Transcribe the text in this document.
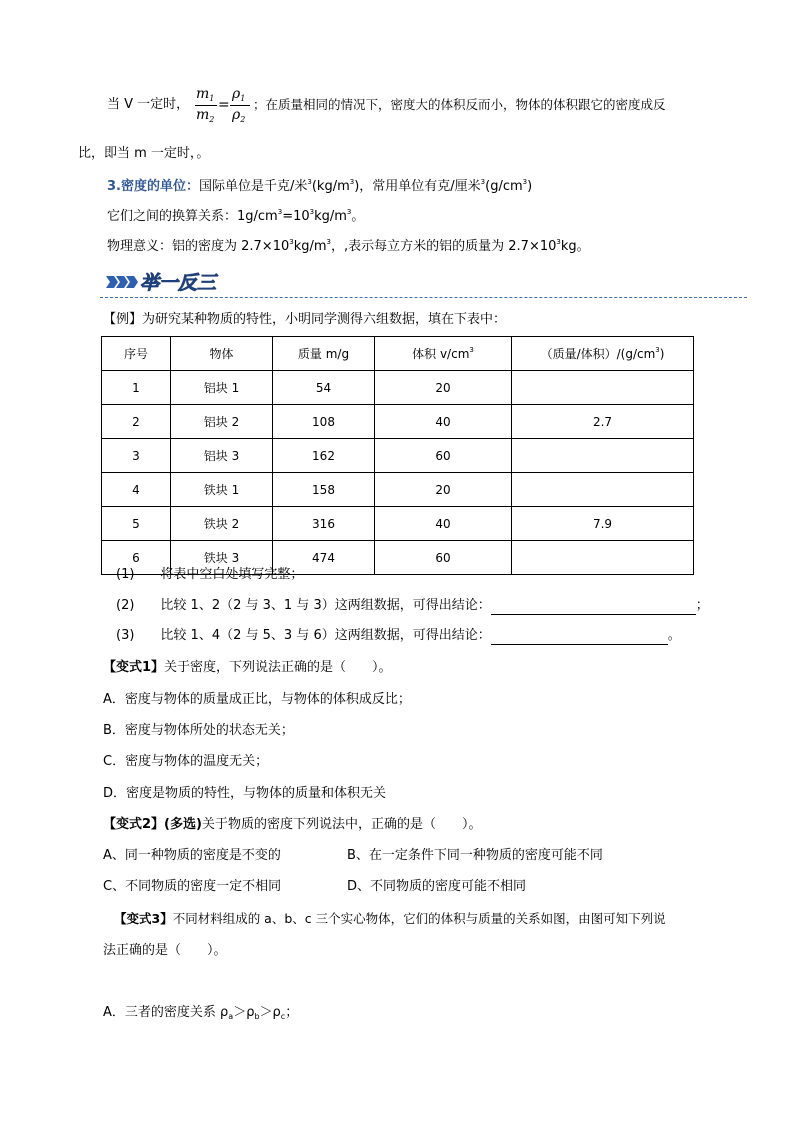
当 V 一定时，
$m_1$
$m_2$
=
$\rho_1$
$\rho_2$
；在质量相同的情况下，密度大的体积反而小，物体的体积跟它的密度成反
比，即当 m 一定时，。
3.密度的单位：国际单位是千克/米$^3(kg/m^3)$，常用单位有克/厘米$^3(g/cm^3)$
它们之间的换算关系：$1g/cm^3=10^3kg/m^3$。
物理意义：铝的密度为 $2.7\times 10^3kg/m^3$，,表示每立方米的铝的质量为 $2.7\times 10^3kg$。
举一反三
【例】为研究某种物质的特性，小明同学测得六组数据，填在下表中：
序号	物体	质量 m/g	体积 $v/cm^3$	（质量/体积）$/(g/cm^3)$
1	铝块 1	54	20	
2	铝块 2	108	40	2.7
3	铝块 3	162	60	
4	铁块 1	158	20	
5	铁块 2	316	40	7.9
6	铁块 3	474	60	
(1) 将表中空白处填写完整；
(2) 比较 1、2（2 与 3、1 与 3）这两组数据，可得出结论：	；
(3) 比较 1、4（2 与 5、3 与 6）这两组数据，可得出结论：	。
【变式1】关于密度，下列说法正确的是（　　）。
A．密度与物体的质量成正比，与物体的体积成反比；
B．密度与物体所处的状态无关；
C．密度与物体的温度无关；
D．密度是物质的特性，与物体的质量和体积无关
【变式2】(多选)关于物质的密度下列说法中，正确的是（　　）。
A、同一种物质的密度是不变的	B、在一定条件下同一种物质的密度可能不同
C、不同物质的密度一定不相同	D、不同物质的密度可能不相同
【变式3】不同材料组成的 a、b、c 三个实心物体，它们的体积与质量的关系如图，由图可知下列说
法正确的是（　　）。
A．三者的密度关系 $\rho_a>\rho_b>\rho_c$；
